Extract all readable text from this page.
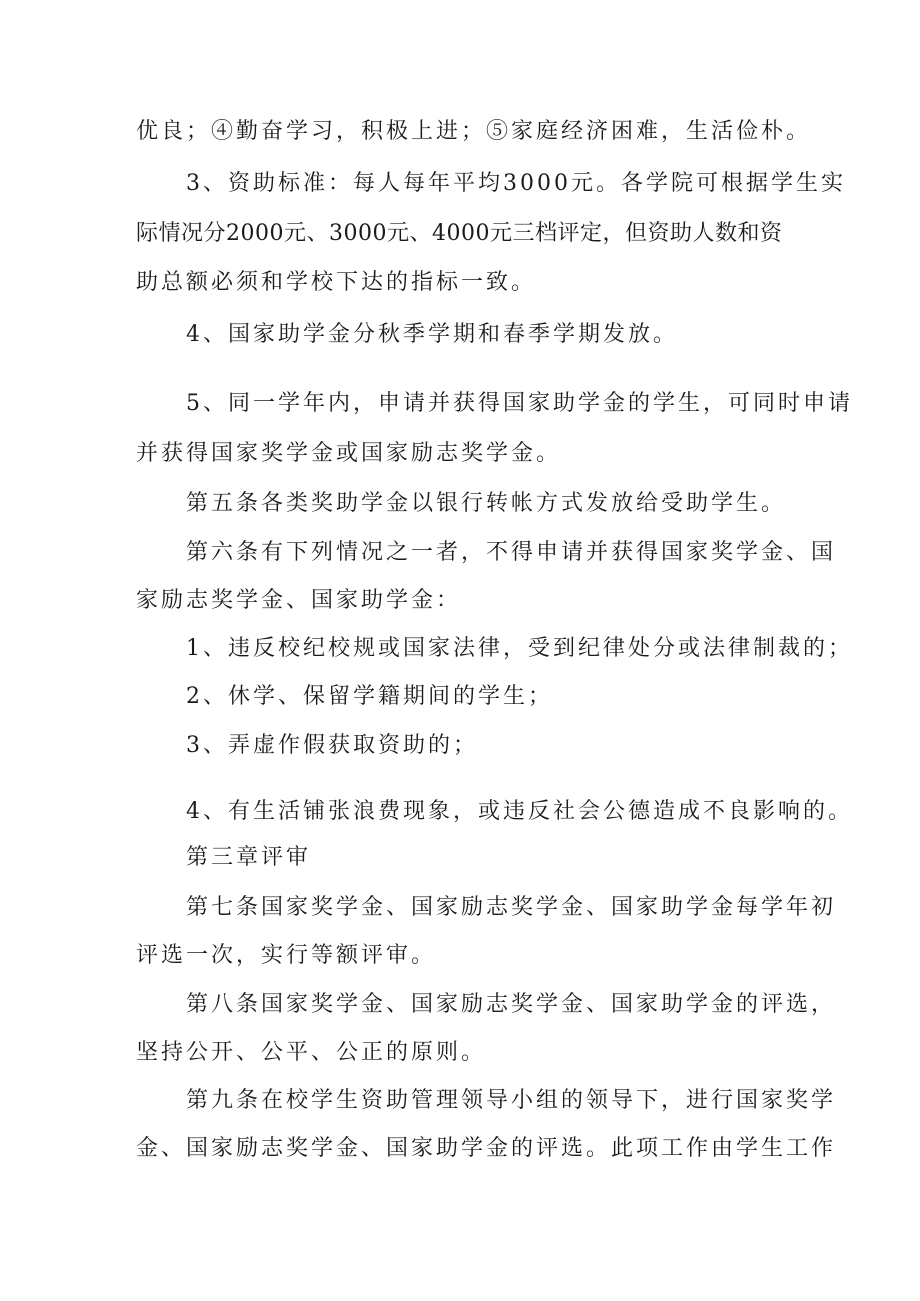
优良；④勤奋学习，积极上进；⑤家庭经济困难，生活俭朴。
3、资助标准：每人每年平均3000元。各学院可根据学生实
际情况分2000元、3000元、4000元三档评定，但资助人数和资
助总额必须和学校下达的指标一致。
4、国家助学金分秋季学期和春季学期发放。
5、同一学年内，申请并获得国家助学金的学生，可同时申请
并获得国家奖学金或国家励志奖学金。
第五条各类奖助学金以银行转帐方式发放给受助学生。
第六条有下列情况之一者，不得申请并获得国家奖学金、国
家励志奖学金、国家助学金：
1、违反校纪校规或国家法律，受到纪律处分或法律制裁的；
2、休学、保留学籍期间的学生；
3、弄虚作假获取资助的；
4、有生活铺张浪费现象，或违反社会公德造成不良影响的。
第三章评审
第七条国家奖学金、国家励志奖学金、国家助学金每学年初
评选一次，实行等额评审。
第八条国家奖学金、国家励志奖学金、国家助学金的评选，
坚持公开、公平、公正的原则。
第九条在校学生资助管理领导小组的领导下，进行国家奖学
金、国家励志奖学金、国家助学金的评选。此项工作由学生工作
